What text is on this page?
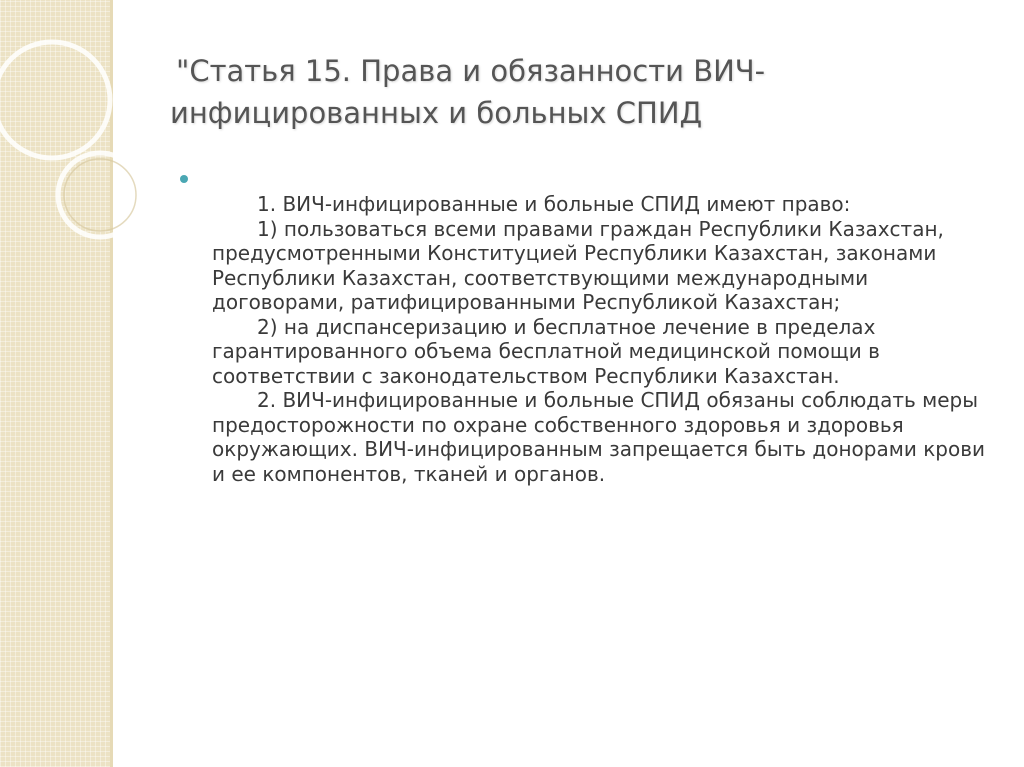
"Статья 15. Права и обязанности ВИЧ-
инфицированных и больных СПИД

1. ВИЧ-инфицированные и больные СПИД имеют право:

1) пользоваться всеми правами граждан Республики Казахстан, предусмотренными Конституцией Республики Казахстан, законами Республики Казахстан, соответствующими международными договорами, ратифицированными Республикой Казахстан;

2) на диспансеризацию и бесплатное лечение в пределах гарантированного объема бесплатной медицинской помощи в соответствии с законодательством Республики Казахстан.

2. ВИЧ-инфицированные и больные СПИД обязаны соблюдать меры предосторожности по охране собственного здоровья и здоровья окружающих. ВИЧ-инфицированным запрещается быть донорами крови и ее компонентов, тканей и органов.
